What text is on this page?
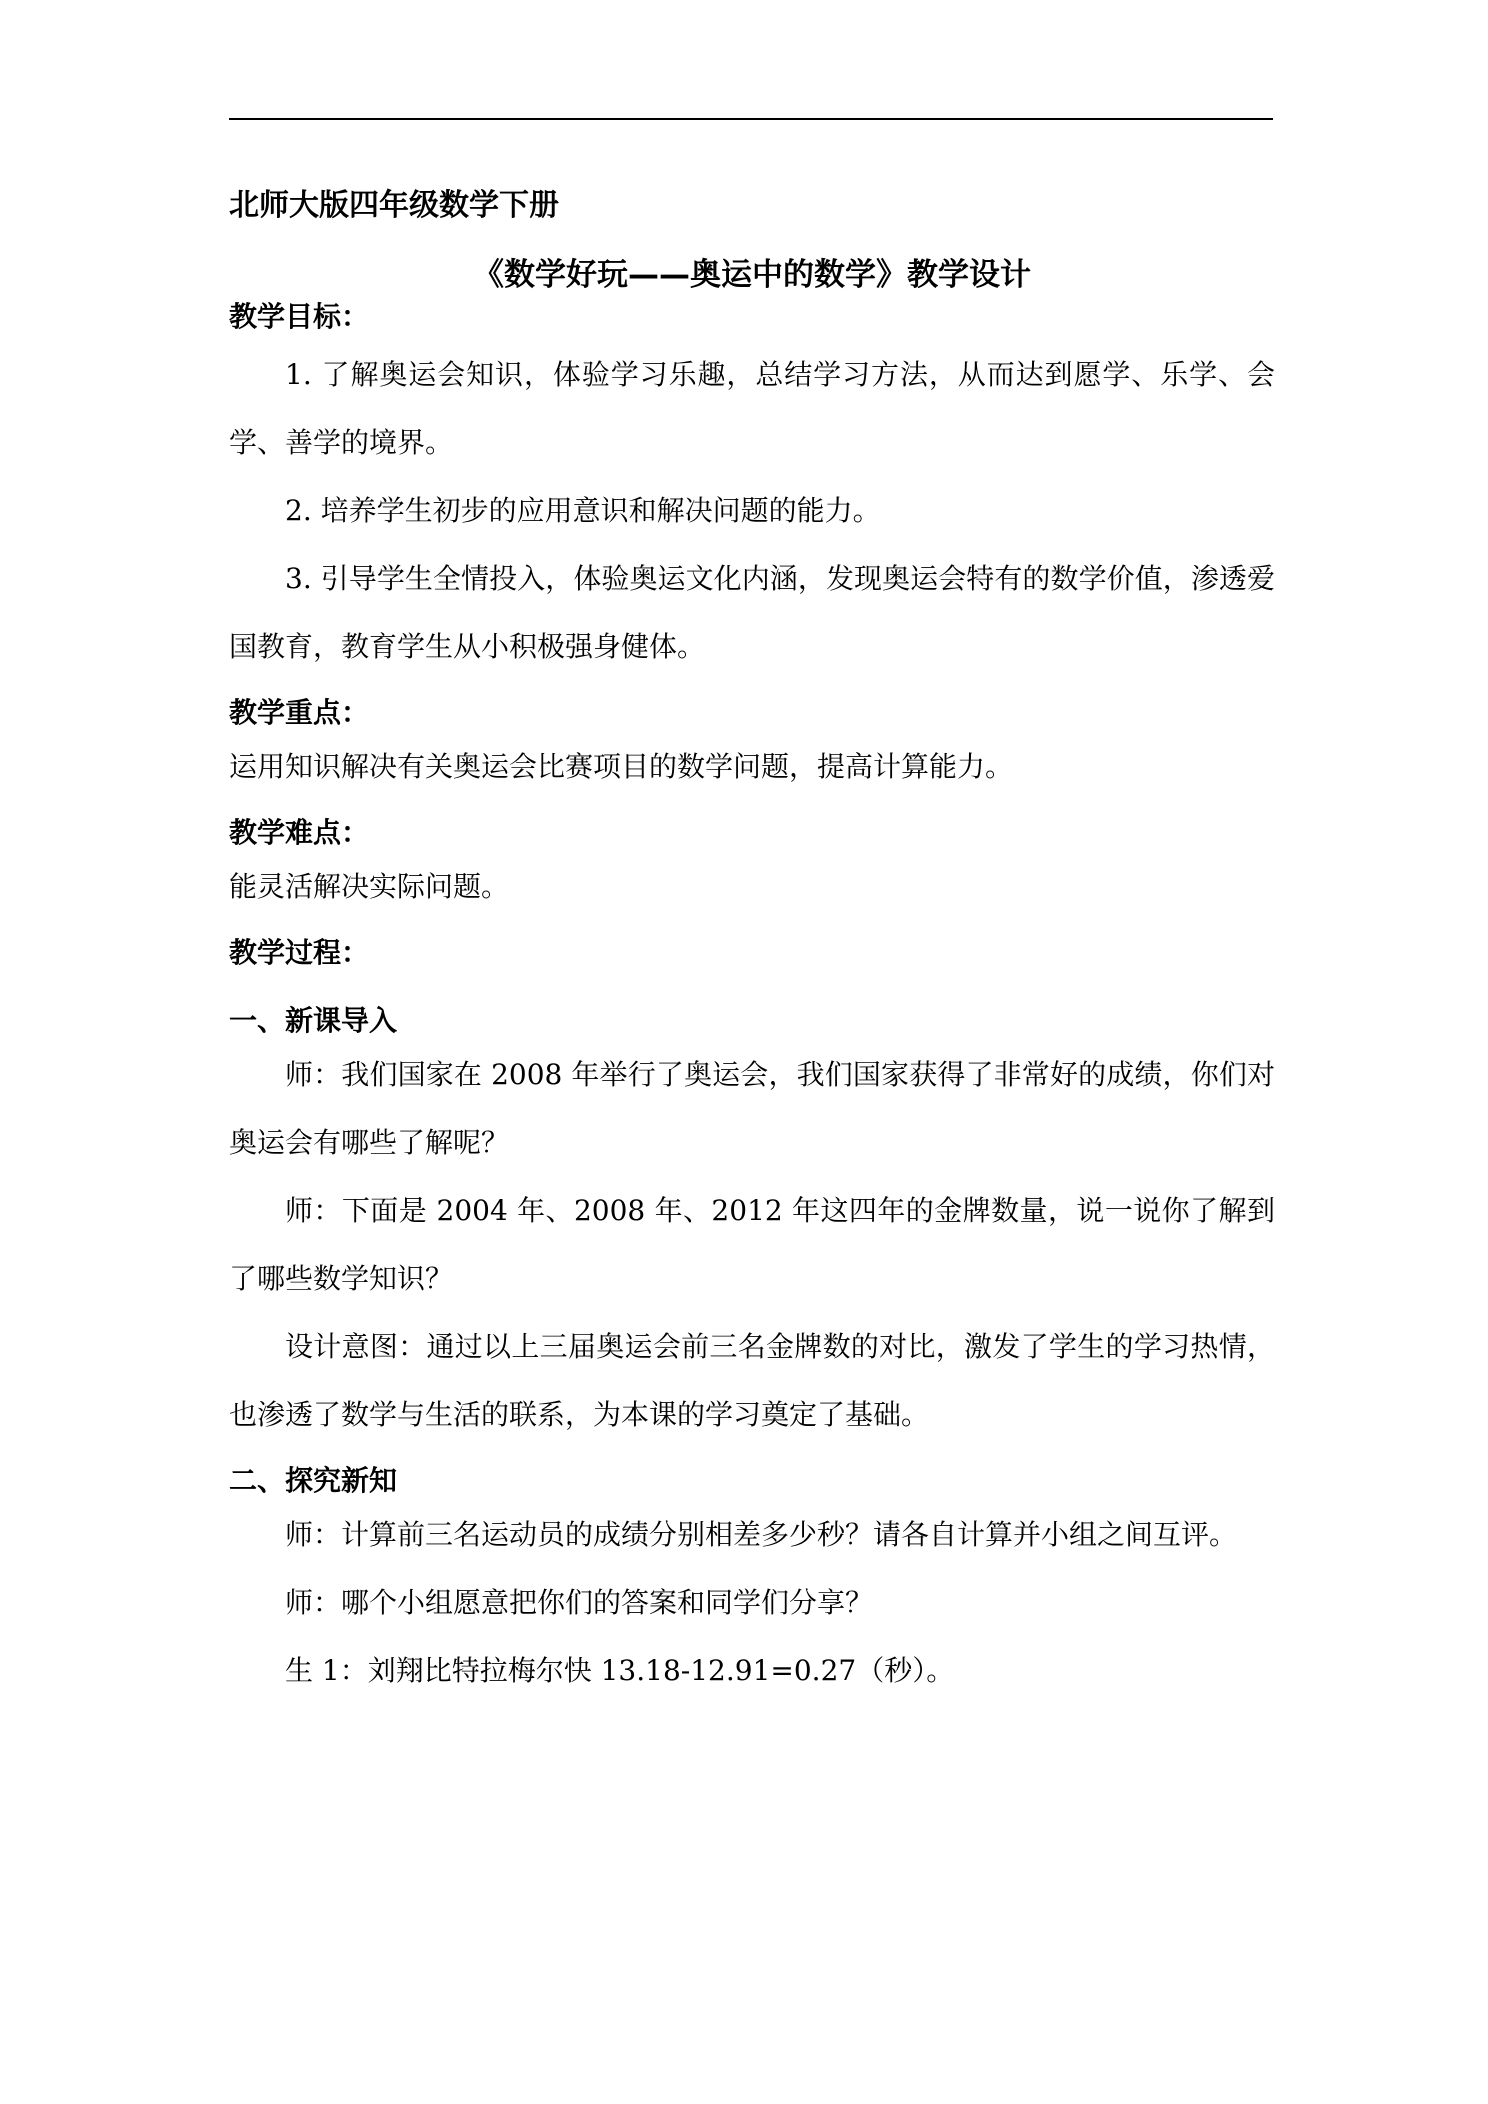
北师大版四年级数学下册
《数学好玩——奥运中的数学》教学设计
教学目标：

1. 了解奥运会知识，体验学习乐趣，总结学习方法，从而达到愿学、乐学、会学、善学的境界。

2. 培养学生初步的应用意识和解决问题的能力。

3. 引导学生全情投入，体验奥运文化内涵，发现奥运会特有的数学价值，渗透爱国教育，教育学生从小积极强身健体。

教学重点：

运用知识解决有关奥运会比赛项目的数学问题，提高计算能力。

教学难点：

能灵活解决实际问题。

教学过程：
一、新课导入

师：我们国家在 2008 年举行了奥运会，我们国家获得了非常好的成绩，你们对奥运会有哪些了解呢？

师：下面是 2004 年、2008 年、2012 年这四年的金牌数量，说一说你了解到了哪些数学知识？

设计意图：通过以上三届奥运会前三名金牌数的对比，激发了学生的学习热情，也渗透了数学与生活的联系，为本课的学习奠定了基础。

二、探究新知

师：计算前三名运动员的成绩分别相差多少秒？请各自计算并小组之间互评。

师：哪个小组愿意把你们的答案和同学们分享？

生 1：刘翔比特拉梅尔快 13.18-12.91=0.27（秒）。
